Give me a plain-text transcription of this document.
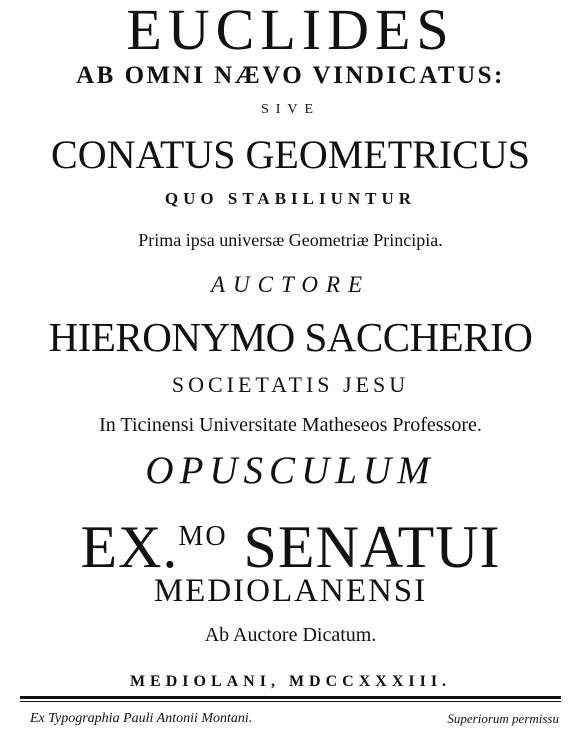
EUCLIDES
AB OMNI NÆVO VINDICATUS:
SIVE
CONATUS GEOMETRICUS
QUO STABILIUNTUR
Prima ipsa universæ Geometriæ Principia.
AUCTORE
HIERONYMO SACCHERIO
SOCIETATIS JESU
In Ticinensi Universitate Matheseos Professore.
OPUSCULUM
EX.$^{MO}$ SENATUI
MEDIOLANENSI
Ab Auctore Dicatum.
MEDIOLANI, MDCCXXXIII.
Ex Typographia Pauli Antonii Montani.	Superiorum permissu
